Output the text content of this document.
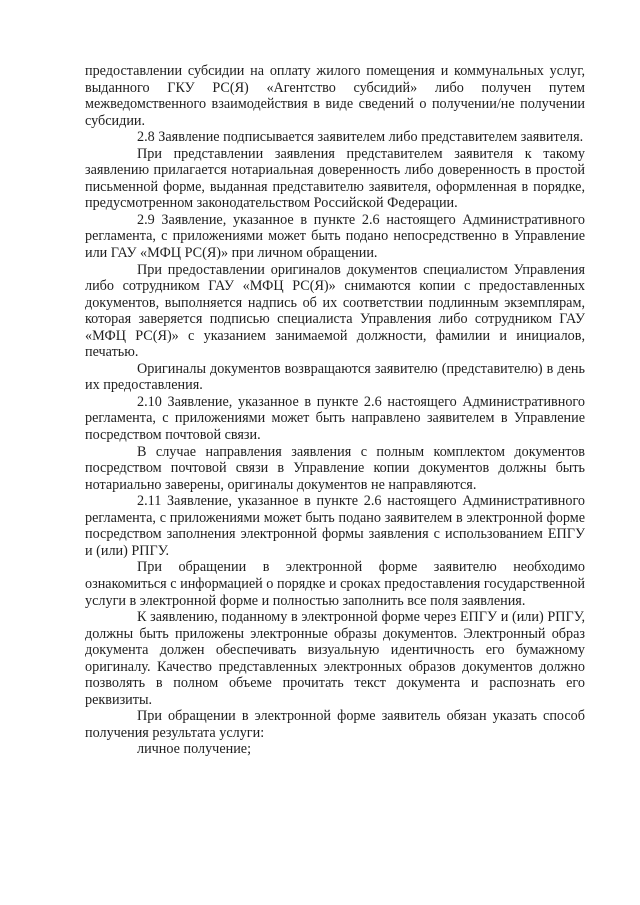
предоставлении субсидии на оплату жилого помещения и коммунальных услуг, выданного ГКУ РС(Я) «Агентство субсидий» либо получен путем межведомственного взаимодействия в виде сведений о получении/не получении субсидии.

2.8 Заявление подписывается заявителем либо представителем заявителя.

При представлении заявления представителем заявителя к такому заявлению прилагается нотариальная доверенность либо доверенность в простой письменной форме, выданная представителю заявителя, оформленная в порядке, предусмотренном законодательством Российской Федерации.

2.9 Заявление, указанное в пункте 2.6 настоящего Административного регламента, с приложениями может быть подано непосредственно в Управление или ГАУ «МФЦ РС(Я)» при личном обращении.

При предоставлении оригиналов документов специалистом Управления либо сотрудником ГАУ «МФЦ РС(Я)» снимаются копии с предоставленных документов, выполняется надпись об их соответствии подлинным экземплярам, которая заверяется подписью специалиста Управления либо сотрудником ГАУ «МФЦ РС(Я)» с указанием занимаемой должности, фамилии и инициалов, печатью.

Оригиналы документов возвращаются заявителю (представителю) в день их предоставления.

2.10 Заявление, указанное в пункте 2.6 настоящего Административного регламента, с приложениями может быть направлено заявителем в Управление посредством почтовой связи.

В случае направления заявления с полным комплектом документов посредством почтовой связи в Управление копии документов должны быть нотариально заверены, оригиналы документов не направляются.

2.11 Заявление, указанное в пункте 2.6 настоящего Административного регламента, с приложениями может быть подано заявителем в электронной форме посредством заполнения электронной формы заявления с использованием ЕПГУ и (или) РПГУ.

При обращении в электронной форме заявителю необходимо ознакомиться с информацией о порядке и сроках предоставления государственной услуги в электронной форме и полностью заполнить все поля заявления.

К заявлению, поданному в электронной форме через ЕПГУ и (или) РПГУ, должны быть приложены электронные образы документов. Электронный образ документа должен обеспечивать визуальную идентичность его бумажному оригиналу. Качество представленных электронных образов документов должно позволять в полном объеме прочитать текст документа и распознать его реквизиты.

При обращении в электронной форме заявитель обязан указать способ получения результата услуги:

личное получение;
